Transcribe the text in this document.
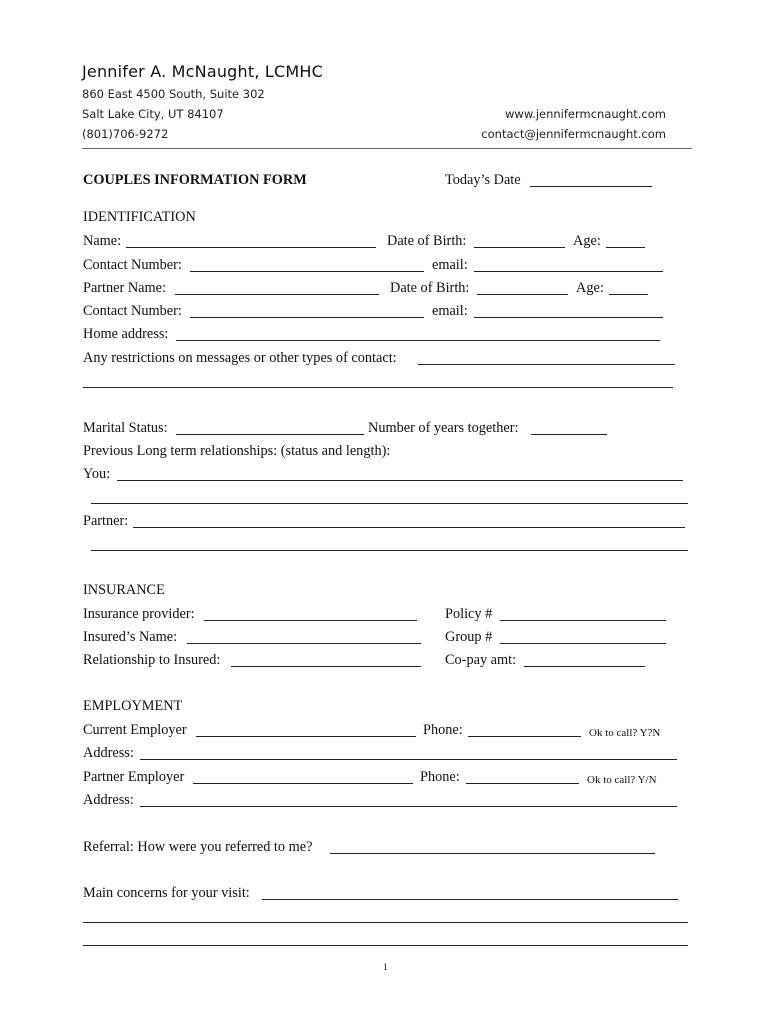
Jennifer A. McNaught, LCMHC
860 East 4500 South, Suite 302
Salt Lake City, UT 84107
(801)706-9272
www.jennifermcnaught.com
contact@jennifermcnaught.com
COUPLES INFORMATION FORM	Today’s Date
IDENTIFICATION
Name:	Date of Birth:	Age:
Contact Number:	email:
Partner Name:	Date of Birth:	Age:
Contact Number:	email:
Home address:
Any restrictions on messages or other types of contact:
Marital Status:	Number of years together:
Previous Long term relationships: (status and length):
You:
Partner:
INSURANCE
Insurance provider:	Policy #
Insured’s Name:	Group #
Relationship to Insured:	Co-pay amt:
EMPLOYMENT
Current Employer	Phone:	Ok to call? Y?N
Address:
Partner Employer	Phone:	Ok to call? Y/N
Address:
Referral: How were you referred to me?
Main concerns for your visit:
1
